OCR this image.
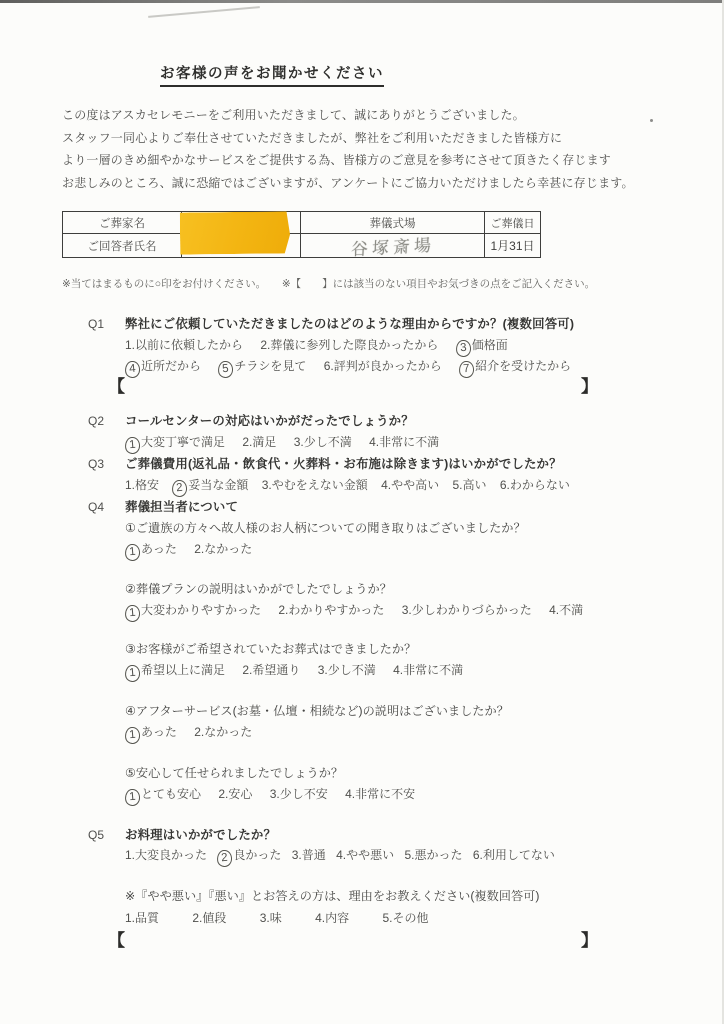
お客様の声をお聞かせください
この度はアスカセレモニーをご利用いただきまして、誠にありがとうございました。
スタッフ一同心よりご奉仕させていただきましたが、弊社をご利用いただきました皆様方に
より一層のきめ細やかなサービスをご提供する為、皆様方のご意見を参考にさせて頂きたく存じます
お悲しみのところ、誠に恐縮ではございますが、アンケートにご協力いただけましたら幸甚に存じます。
ご葬家名	葬儀式場	ご葬儀日
ご回答者氏名	谷塚斎場	1月31日
※当てはまるものに○印をお付けください。　　※【　　】には該当のない項目やお気づきの点をご記入ください。
Q1 弊社にご依頼していただきましたのはどのような理由からですか？(複数回答可)
1.以前に依頼したから 2.葬儀に参列した際良かったから 3 価格面
4 近所だから 5 チラシを見て 6.評判が良かったから 7 紹介を受けたから
【	】
Q2 コールセンターの対応はいかがだったでしょうか？
1 大変丁寧で満足 2.満足 3.少し不満 4.非常に不満
Q3 ご葬儀費用(返礼品・飲食代・火葬料・お布施は除きます)はいかがでしたか？
1.格安 2 妥当な金額 3.やむをえない金額 4.やや高い 5.高い 6.わからない
Q4 葬儀担当者について
①ご遺族の方々へ故人様のお人柄についての聞き取りはございましたか？
1 あった 2.なかった
②葬儀プランの説明はいかがでしたでしょうか？
1 大変わかりやすかった 2.わかりやすかった 3.少しわかりづらかった 4.不満
③お客様がご希望されていたお葬式はできましたか？
1 希望以上に満足 2.希望通り 3.少し不満 4.非常に不満
④アフターサービス(お墓・仏壇・相続など)の説明はございましたか？
1 あった 2.なかった
⑤安心して任せられましたでしょうか？
1 とても安心 2.安心 3.少し不安 4.非常に不安
Q5 お料理はいかがでしたか？
1.大変良かった 2 良かった 3.普通 4.やや悪い 5.悪かった 6.利用してない
※『やや悪い』『悪い』とお答えの方は、理由をお教えください(複数回答可)
1.品質	2.値段	3.味	4.内容	5.その他
【	】
